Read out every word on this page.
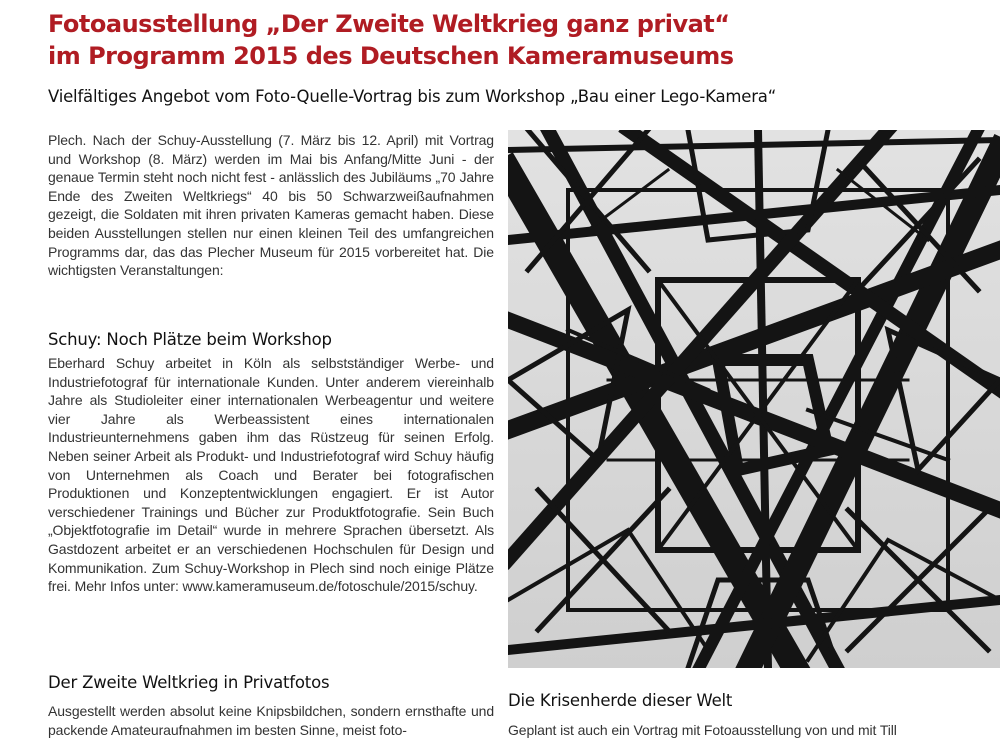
Fotoausstellung „Der Zweite Weltkrieg ganz privat“
im Programm 2015 des Deutschen Kameramuseums
Vielfältiges Angebot vom Foto-Quelle-Vortrag bis zum Workshop „Bau einer Lego-Kamera“

Plech. Nach der Schuy-Ausstellung (7. März bis 12. April) mit Vortrag und Workshop (8. März) werden im Mai bis Anfang/Mitte Juni - der genaue Termin steht noch nicht fest - anlässlich des Jubiläums „70 Jahre Ende des Zweiten Weltkriegs“ 40 bis 50 Schwarzweißaufnahmen gezeigt, die Soldaten mit ihren privaten Kameras gemacht haben. Diese beiden Ausstellungen stellen nur einen kleinen Teil des umfangreichen Programms dar, das das Plecher Museum für 2015 vorbereitet hat. Die wichtigsten Veranstaltungen:

Schuy: Noch Plätze beim Workshop

Eberhard Schuy arbeitet in Köln als selbstständiger Werbe- und Industriefotograf für internationale Kunden. Unter anderem viereinhalb Jahre als Studioleiter einer internationalen Werbeagentur und weitere vier Jahre als Werbeassistent eines internationalen Industrieunternehmens gaben ihm das Rüstzeug für seinen Erfolg. Neben seiner Arbeit als Produkt- und Industriefotograf wird Schuy häufig von Unternehmen als Coach und Berater bei fotografischen Produktionen und Konzeptentwicklungen engagiert. Er ist Autor verschiedener Trainings und Bücher zur Produktfotografie. Sein Buch „Objektfotografie im Detail“ wurde in mehrere Sprachen übersetzt. Als Gastdozent arbeitet er an verschiedenen Hochschulen für Design und Kommunikation. Zum Schuy-Workshop in Plech sind noch einige Plätze frei. Mehr Infos unter: www.kameramuseum.de/fotoschule/2015/schuy.

Der Zweite Weltkrieg in Privatfotos

Ausgestellt werden absolut keine Knipsbildchen, sondern ernsthafte und packende Amateuraufnahmen im besten Sinne, meist foto-

Die Krisenherde dieser Welt

Geplant ist auch ein Vortrag mit Fotoausstellung von und mit Till
